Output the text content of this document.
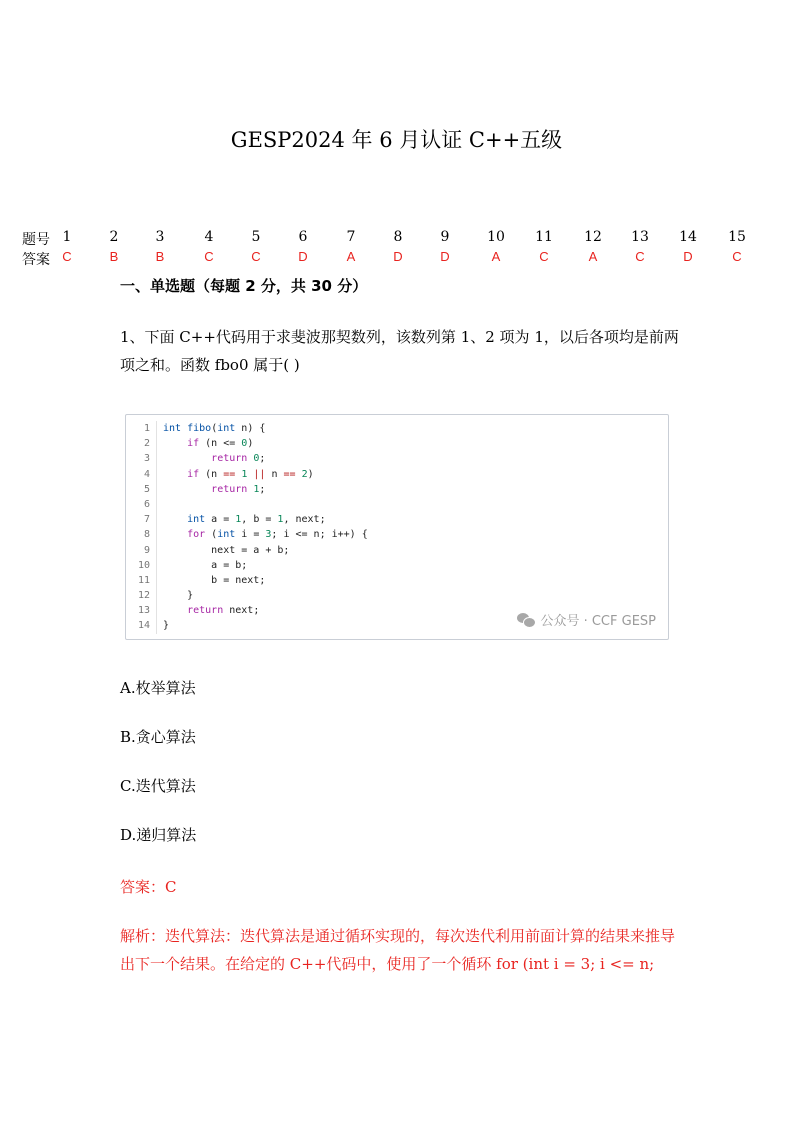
GESP2024 年 6 月认证 C++五级
题号 1	2	3	4	5	6	7	8	9	10	11	12	13	14	15
答案 C	B	B	C	C	D	A	D	D	A	C	A	C	D	C
一、单选题（每题 2 分，共 30 分）
1、下面 C++代码用于求斐波那契数列，该数列第 1、2 项为 1，以后各项均是前两项之和。函数 fbo0 属于( )
1	int fibo(int n) {
2	if (n <= 0)
3	return 0;
4	if (n == 1 || n == 2)
5	return 1;
6

7	int a = 1, b = 1, next;
8	for (int i = 3; i <= n; i++) {
9	next = a + b;
10	a = b;
11	b = next;
12	}
13	return next;
14	}	公众号 · CCF GESP
A.枚举算法
B.贪心算法
C.迭代算法
D.递归算法
答案：C
解析：迭代算法：迭代算法是通过循环实现的，每次迭代利用前面计算的结果来推导出下一个结果。在给定的 C++代码中，使用了一个循环 for (int i = 3; i <= n;
